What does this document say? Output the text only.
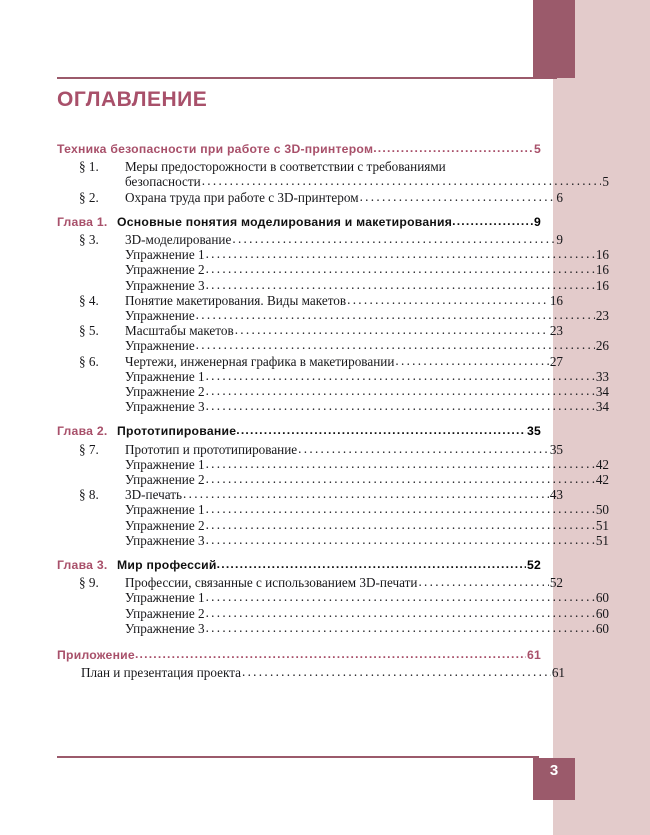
3
ОГЛАВЛЕНИЕ
Техника безопасности при работе с 3D-принтером .....	5
§ 1.	Меры предосторожности в соответствии с требованиями
безопасности .....	5
§ 2.	Охрана труда при работе с 3D-принтером .....	6
Глава 1. Основные понятия моделирования и макетирования .....	9
§ 3.	3D-моделирование .....	9
Упражнение 1 .....	16
Упражнение 2 .....	16
Упражнение 3 .....	16
§ 4.	Понятие макетирования. Виды макетов .....	16
Упражнение .....	23
§ 5.	Масштабы макетов .....	23
Упражнение .....	26
§ 6.	Чертежи, инженерная графика в макетировании .....	27
Упражнение 1 .....	33
Упражнение 2 .....	34
Упражнение 3 .....	34
Глава 2. Прототипирование .....	35
§ 7.	Прототип и прототипирование .....	35
Упражнение 1 .....	42
Упражнение 2 .....	42
§ 8.	3D-печать .....	43
Упражнение 1 .....	50
Упражнение 2 .....	51
Упражнение 3 .....	51
Глава 3. Мир профессий .....	52
§ 9.	Профессии, связанные с использованием 3D-печати .....	52
Упражнение 1 .....	60
Упражнение 2 .....	60
Упражнение 3 .....	60
Приложение .....	61
План и презентация проекта .....	61
